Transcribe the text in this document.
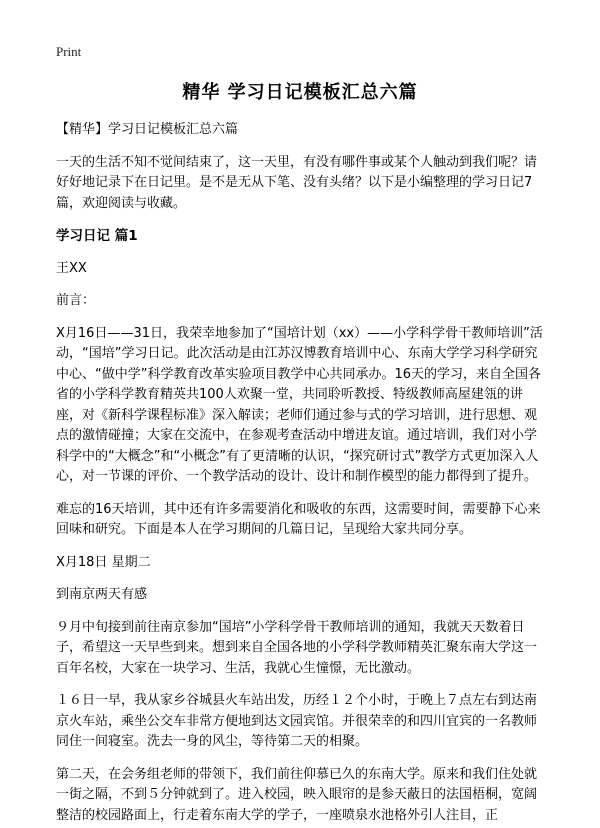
Print
精华 学习日记模板汇总六篇

【精华】学习日记模板汇总六篇

一天的生活不知不觉间结束了，这一天里，有没有哪件事或某个人触动到我们呢？请好好地记录下在日记里。是不是无从下笔、没有头绪？以下是小编整理的学习日记7篇，欢迎阅读与收藏。

学习日记 篇1

王XX

前言：

X月16日——31日，我荣幸地参加了“国培计划（xx）——小学科学骨干教师培训”活动，“国培”学习日记。此次活动是由江苏汉博教育培训中心、东南大学学习科学研究中心、“做中学”科学教育改革实验项目教学中心共同承办。16天的学习，来自全国各省的小学科学教育精英共100人欢聚一堂，共同聆听教授、特级教师高屋建瓴的讲座，对《新科学课程标准》深入解读；老师们通过参与式的学习培训，进行思想、观点的激情碰撞；大家在交流中，在参观考查活动中增进友谊。通过培训，我们对小学科学中的“大概念”和“小概念”有了更清晰的认识，“探究研讨式”教学方式更加深入人心，对一节课的评价、一个教学活动的设计、设计和制作模型的能力都得到了提升。

难忘的16天培训，其中还有许多需要消化和吸收的东西，这需要时间，需要静下心来回味和研究。下面是本人在学习期间的几篇日记，呈现给大家共同分享。

X月18日 星期二

到南京两天有感

９月中旬接到前往南京参加“国培”小学科学骨干教师培训的通知，我就天天数着日子，希望这一天早些到来。想到来自全国各地的小学科学教师精英汇聚东南大学这一百年名校，大家在一块学习、生活，我就心生憧憬，无比激动。

１６日一早，我从家乡谷城县火车站出发，历经１２个小时，于晚上７点左右到达南京火车站，乘坐公交车非常方便地到达文园宾馆。并很荣幸的和四川宜宾的一名教师同住一间寝室。洗去一身的风尘，等待第二天的相聚。

第二天，在会务组老师的带领下，我们前往仰慕已久的东南大学。原来和我们住处就一街之隔，不到５分钟就到了。进入校园，映入眼帘的是参天蔽日的法国梧桐，宽阔整洁的校园路面上，行走着东南大学的学子，一座喷泉水池格外引人注目，正
